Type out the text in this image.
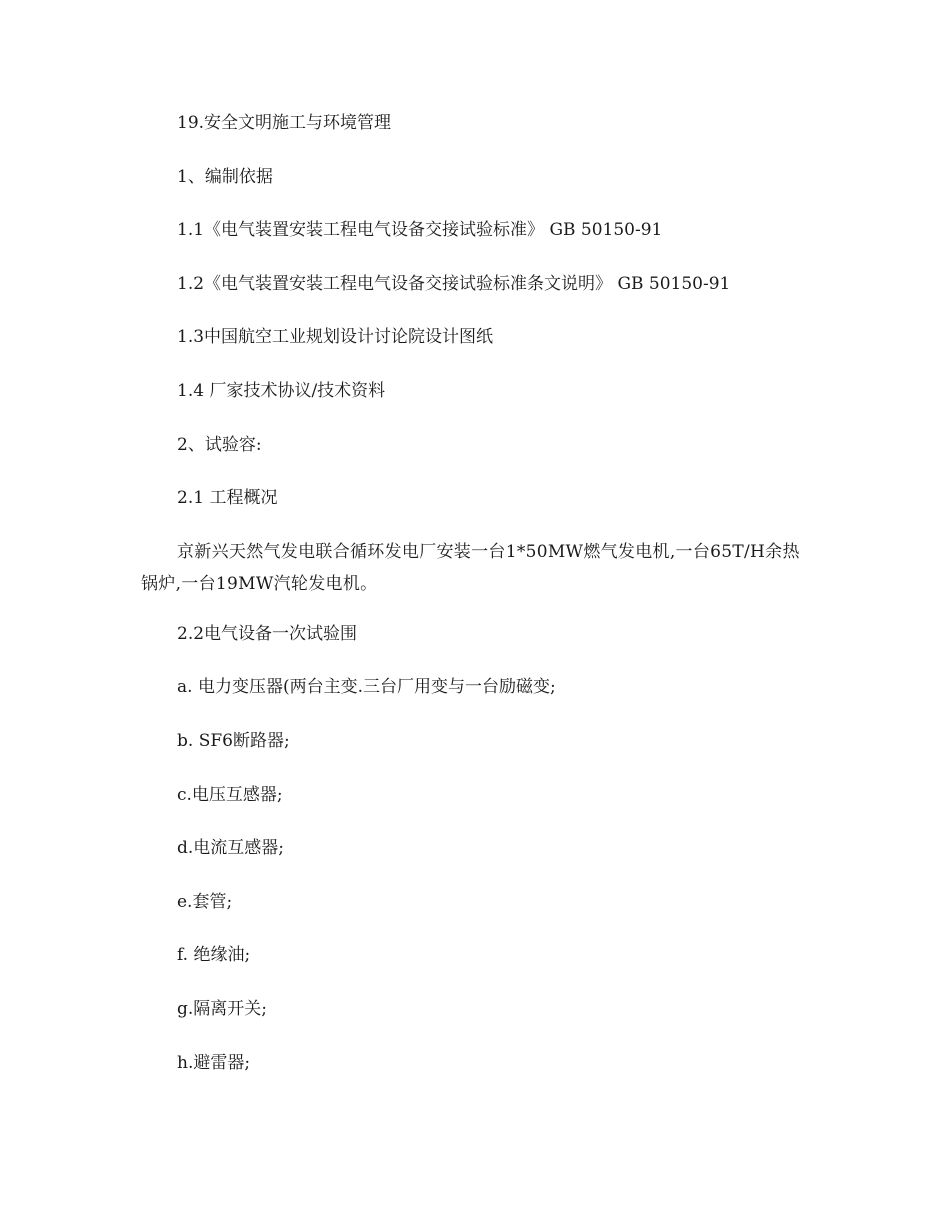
19.安全文明施工与环境管理

1、编制依据

1.1《电气装置安装工程电气设备交接试验标准》 GB 50150-91

1.2《电气装置安装工程电气设备交接试验标准条文说明》 GB 50150-91

1.3中国航空工业规划设计讨论院设计图纸

1.4 厂家技术协议/技术资料

2、试验容:

2.1 工程概况

京新兴天然气发电联合循环发电厂安装一台1*50MW燃气发电机,一台65T/H余热锅炉,一台19MW汽轮发电机。

2.2电气设备一次试验围

a. 电力变压器(两台主变.三台厂用变与一台励磁变;

b. SF6断路器;

c.电压互感器;

d.电流互感器;

e.套管;

f. 绝缘油;

g.隔离开关;

h.避雷器;
